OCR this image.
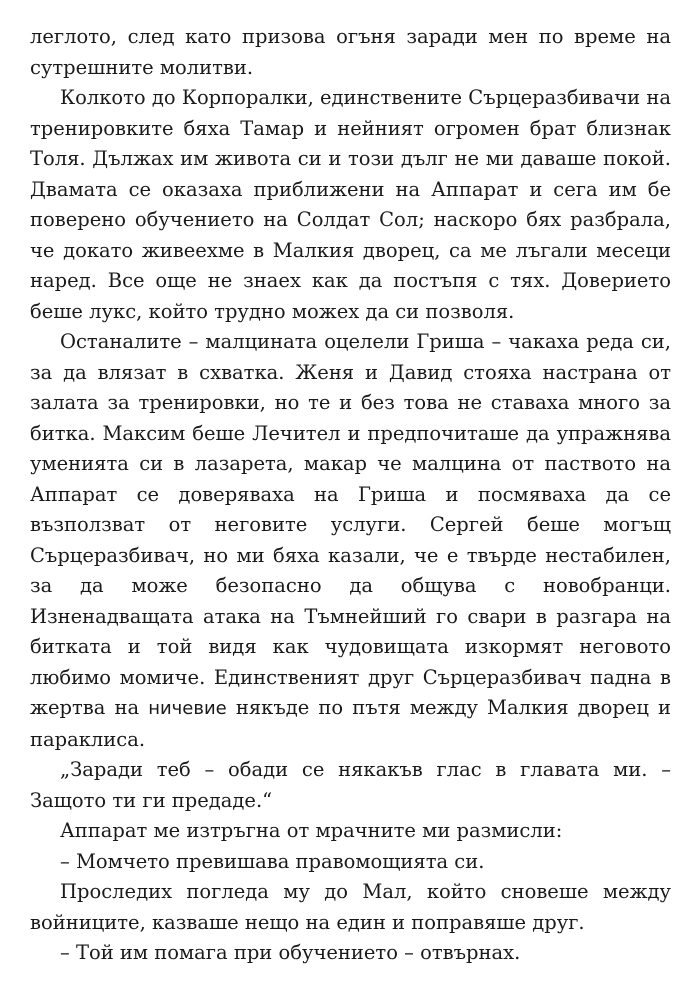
леглото, след като призова огъня заради мен по време на сутрешните молитви.

Колкото до Корпоралки, единствените Сърцеразбивачи на тренировките бяха Тамар и нейният огромен брат близнак Толя. Дължах им живота си и този дълг не ми даваше покой. Двамата се оказаха приближени на Аппарат и сега им бе поверено обучението на Солдат Сол; наскоро бях разбрала, че докато живеехме в Малкия дворец, са ме лъгали месеци наред. Все още не знаех как да постъпя с тях. Доверието беше лукс, който трудно можех да си позволя.

Останалите – малцината оцелели Гриша – чакаха реда си, за да влязат в схватка. Женя и Давид стояха настрана от залата за тренировки, но те и без това не ставаха много за битка. Максим беше Лечител и предпочиташе да упражнява уменията си в лазарета, макар че малцина от паството на Аппарат се доверяваха на Гриша и посмяваха да се възползват от неговите услуги. Сергей беше могъщ Сърцеразбивач, но ми бяха казали, че е твърде нестабилен, за да може безопасно да общува с новобранци. Изненадващата атака на Тъмнейший го свари в разгара на битката и той видя как чудовищата изкормят неговото любимо момиче. Единственият друг Сърцеразбивач падна в жертва на ничевие някъде по пътя между Малкия дворец и параклиса.

„Заради теб – обади се някакъв глас в главата ми. – Защото ти ги предаде.“

Аппарат ме изтръгна от мрачните ми размисли:

– Момчето превишава правомощията си.

Проследих погледа му до Мал, който сновеше между войниците, казваше нещо на един и поправяше друг.

– Той им помага при обучението – отвърнах.
